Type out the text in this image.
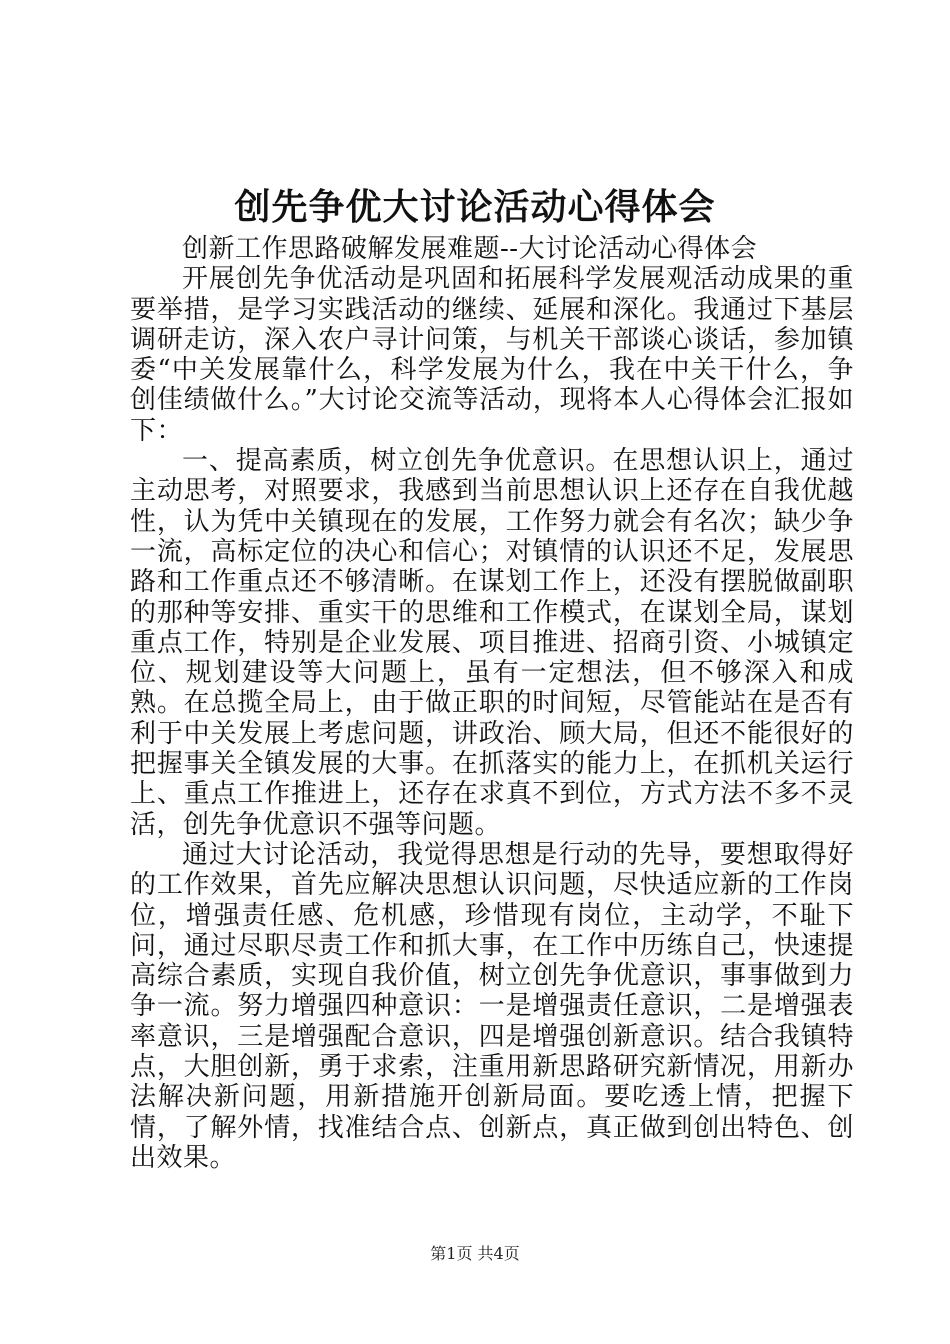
创先争优大讨论活动心得体会

创新工作思路破解发展难题--大讨论活动心得体会

开展创先争优活动是巩固和拓展科学发展观活动成果的重要举措，是学习实践活动的继续、延展和深化。我通过下基层调研走访，深入农户寻计问策，与机关干部谈心谈话，参加镇委“中关发展靠什么，科学发展为什么，我在中关干什么，争创佳绩做什么。”大讨论交流等活动，现将本人心得体会汇报如下：

一、提高素质，树立创先争优意识。在思想认识上，通过主动思考，对照要求，我感到当前思想认识上还存在自我优越性，认为凭中关镇现在的发展，工作努力就会有名次；缺少争一流，高标定位的决心和信心；对镇情的认识还不足，发展思路和工作重点还不够清晰。在谋划工作上，还没有摆脱做副职的那种等安排、重实干的思维和工作模式，在谋划全局，谋划重点工作，特别是企业发展、项目推进、招商引资、小城镇定位、规划建设等大问题上，虽有一定想法，但不够深入和成熟。在总揽全局上，由于做正职的时间短，尽管能站在是否有利于中关发展上考虑问题，讲政治、顾大局，但还不能很好的把握事关全镇发展的大事。在抓落实的能力上，在抓机关运行上、重点工作推进上，还存在求真不到位，方式方法不多不灵活，创先争优意识不强等问题。

通过大讨论活动，我觉得思想是行动的先导，要想取得好的工作效果，首先应解决思想认识问题，尽快适应新的工作岗位，增强责任感、危机感，珍惜现有岗位，主动学，不耻下问，通过尽职尽责工作和抓大事，在工作中历练自己，快速提高综合素质，实现自我价值，树立创先争优意识，事事做到力争一流。努力增强四种意识：一是增强责任意识，二是增强表率意识，三是增强配合意识，四是增强创新意识。结合我镇特点，大胆创新，勇于求索，注重用新思路研究新情况，用新办法解决新问题，用新措施开创新局面。要吃透上情，把握下情，了解外情，找准结合点、创新点，真正做到创出特色、创出效果。

第1页 共4页
